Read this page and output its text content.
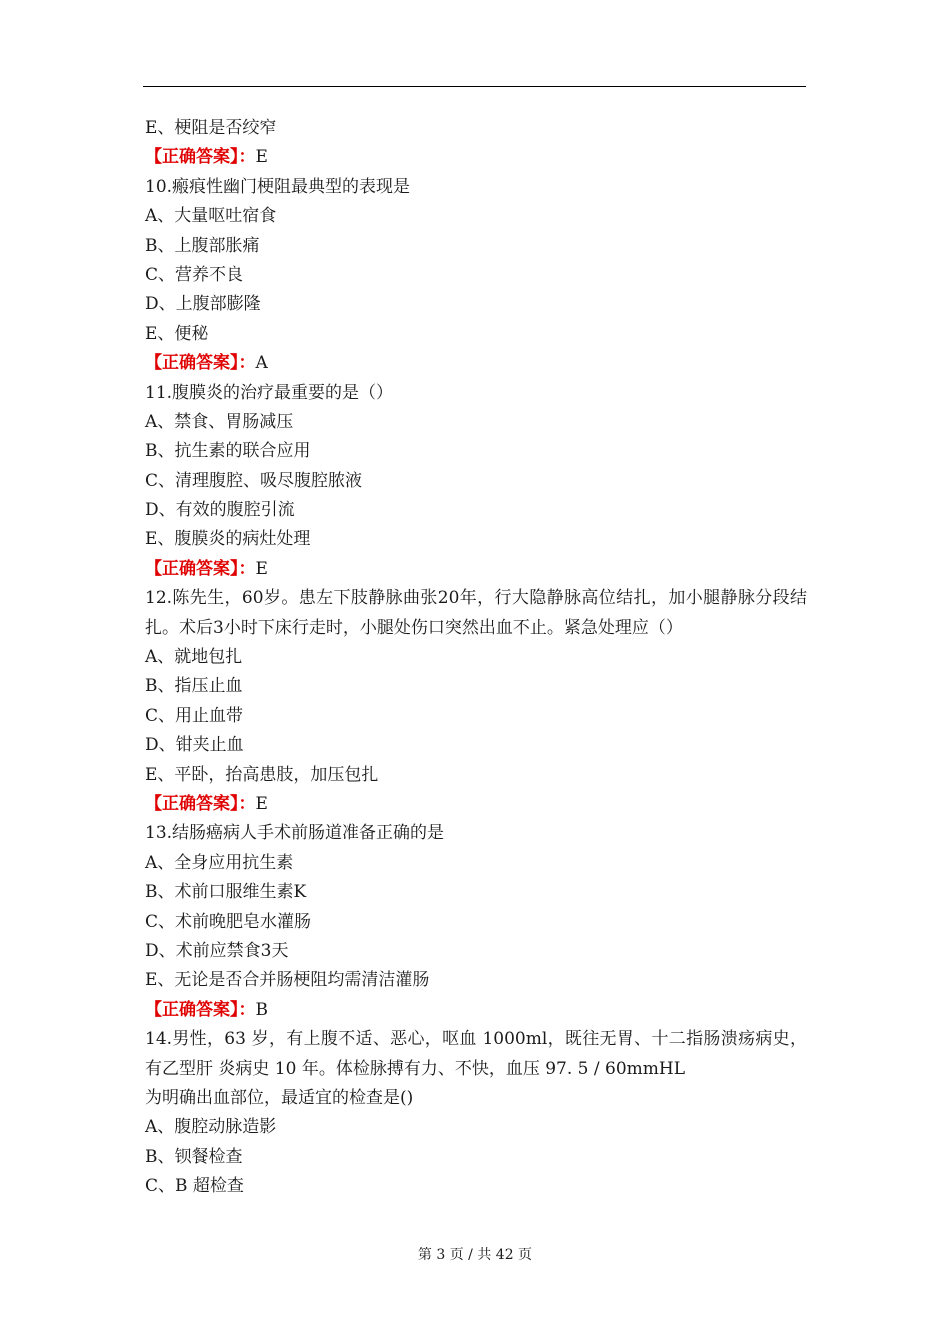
E、梗阻是否绞窄
【正确答案】：E
10.瘢痕性幽门梗阻最典型的表现是
A、大量呕吐宿食
B、上腹部胀痛
C、营养不良
D、上腹部膨隆
E、便秘
【正确答案】：A
11.腹膜炎的治疗最重要的是（）
A、禁食、胃肠减压
B、抗生素的联合应用
C、清理腹腔、吸尽腹腔脓液
D、有效的腹腔引流
E、腹膜炎的病灶处理
【正确答案】：E
12.陈先生，60岁。患左下肢静脉曲张20年，行大隐静脉高位结扎，加小腿静脉分段结扎。术后3小时下床行走时，小腿处伤口突然出血不止。紧急处理应（）
A、就地包扎
B、指压止血
C、用止血带
D、钳夹止血
E、平卧，抬高患肢，加压包扎
【正确答案】：E
13.结肠癌病人手术前肠道准备正确的是
A、全身应用抗生素
B、术前口服维生素K
C、术前晚肥皂水灌肠
D、术前应禁食3天
E、无论是否合并肠梗阻均需清洁灌肠
【正确答案】：B
14.男性，63 岁，有上腹不适、恶心，呕血 1000ml，既往无胃、十二指肠溃疡病史，有乙型肝 炎病史 10 年。体检脉搏有力、不快，血压 97. 5 / 60mmHL
为明确出血部位，最适宜的检查是()
A、腹腔动脉造影
B、钡餐检查
C、B 超检查
第 3 页 / 共 42 页
